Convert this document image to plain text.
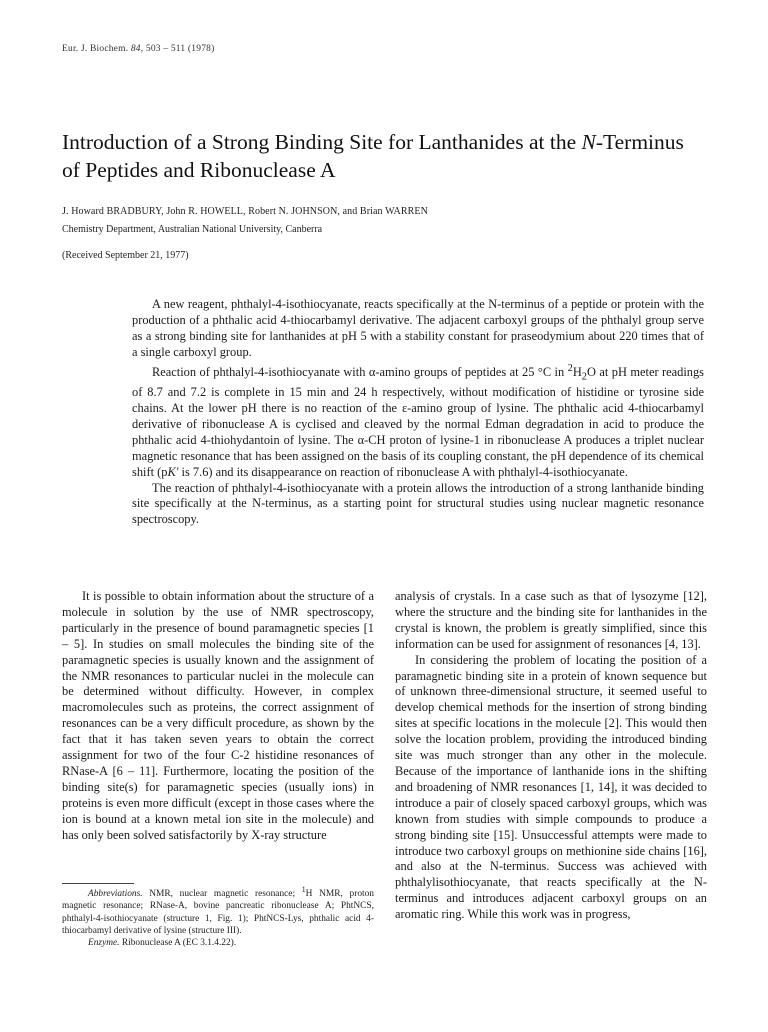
Eur. J. Biochem. 84, 503 – 511 (1978)
Introduction of a Strong Binding Site for Lanthanides at the N-Terminus of Peptides and Ribonuclease A
J. Howard BRADBURY, John R. HOWELL, Robert N. JOHNSON, and Brian WARREN
Chemistry Department, Australian National University, Canberra
(Received September 21, 1977)

A new reagent, phthalyl-4-isothiocyanate, reacts specifically at the N-terminus of a peptide or protein with the production of a phthalic acid 4-thiocarbamyl derivative. The adjacent carboxyl groups of the phthalyl group serve as a strong binding site for lanthanides at pH 5 with a stability constant for praseodymium about 220 times that of a single carboxyl group.

Reaction of phthalyl-4-isothiocyanate with α-amino groups of peptides at 25 °C in $^2H_2O$ at pH meter readings of 8.7 and 7.2 is complete in 15 min and 24 h respectively, without modification of histidine or tyrosine side chains. At the lower pH there is no reaction of the ε-amino group of lysine. The phthalic acid 4-thiocarbamyl derivative of ribonuclease A is cyclised and cleaved by the normal Edman degradation in acid to produce the phthalic acid 4-thiohydantoin of lysine. The α-CH proton of lysine-1 in ribonuclease A produces a triplet nuclear magnetic resonance that has been assigned on the basis of its coupling constant, the pH dependence of its chemical shift (pK′ is 7.6) and its disappearance on reaction of ribonuclease A with phthalyl-4-isothiocyanate.

The reaction of phthalyl-4-isothiocyanate with a protein allows the introduction of a strong lanthanide binding site specifically at the N-terminus, as a starting point for structural studies using nuclear magnetic resonance spectroscopy.

It is possible to obtain information about the structure of a molecule in solution by the use of NMR spectroscopy, particularly in the presence of bound paramagnetic species [1 – 5]. In studies on small molecules the binding site of the paramagnetic species is usually known and the assignment of the NMR resonances to particular nuclei in the molecule can be determined without difficulty. However, in complex macromolecules such as proteins, the correct assignment of resonances can be a very difficult procedure, as shown by the fact that it has taken seven years to obtain the correct assignment for two of the four C-2 histidine resonances of RNase-A [6 – 11]. Furthermore, locating the position of the binding site(s) for paramagnetic species (usually ions) in proteins is even more difficult (except in those cases where the ion is bound at a known metal ion site in the molecule) and has only been solved satisfactorily by X-ray structure

analysis of crystals. In a case such as that of lysozyme [12], where the structure and the binding site for lanthanides in the crystal is known, the problem is greatly simplified, since this information can be used for assignment of resonances [4, 13].

In considering the problem of locating the position of a paramagnetic binding site in a protein of known sequence but of unknown three-dimensional structure, it seemed useful to develop chemical methods for the insertion of strong binding sites at specific locations in the molecule [2]. This would then solve the location problem, providing the introduced binding site was much stronger than any other in the molecule. Because of the importance of lanthanide ions in the shifting and broadening of NMR resonances [1, 14], it was decided to introduce a pair of closely spaced carboxyl groups, which was known from studies with simple compounds to produce a strong binding site [15]. Unsuccessful attempts were made to introduce two carboxyl groups on methionine side chains [16], and also at the N-terminus. Success was achieved with phthalylisothiocyanate, that reacts specifically at the N-terminus and introduces adjacent carboxyl groups on an aromatic ring. While this work was in progress,

Abbreviations. NMR, nuclear magnetic resonance; $^1$H NMR, proton magnetic resonance; RNase-A, bovine pancreatic ribonuclease A; PhtNCS, phthalyl-4-isothiocyanate (structure 1, Fig. 1); PhtNCS-Lys, phthalic acid 4-thiocarbamyl derivative of lysine (structure III).

Enzyme. Ribonuclease A (EC 3.1.4.22).
